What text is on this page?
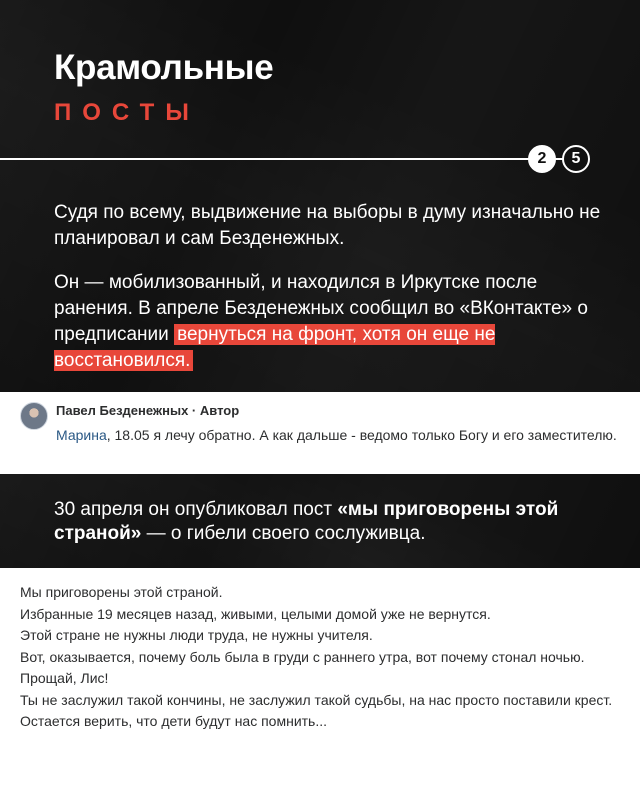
Крамольные
ПОСТЫ
2	5
Судя по всему, выдвижение на выборы в думу изначально не планировал и сам Безденежных.
Он — мобилизованный, и находился в Иркутске после ранения. В апреле Безденежных сообщил во «ВКонтакте» о предписании вернуться на фронт, хотя он еще не восстановился.
Павел Безденежных · Автор
Марина, 18.05 я лечу обратно. А как дальше - ведомо только Богу и его заместителю.
30 апреля он опубликовал пост «мы приговорены этой страной» — о гибели своего сослуживца.
Мы приговорены этой страной.
Избранные 19 месяцев назад, живыми, целыми домой уже не вернутся.
Этой стране не нужны люди труда, не нужны учителя.
Вот, оказывается, почему боль была в груди с раннего утра, вот почему стонал ночью.
Прощай, Лис!
Ты не заслужил такой кончины, не заслужил такой судьбы, на нас просто поставили крест.
Остается верить, что дети будут нас помнить...
